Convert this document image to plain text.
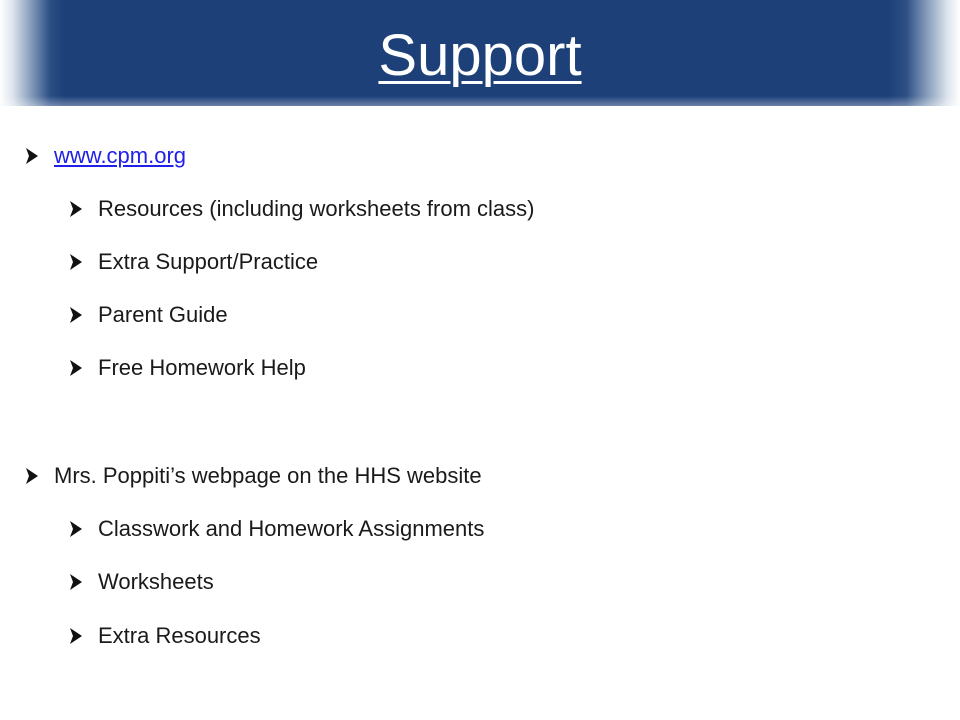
Support
www.cpm.org
Resources (including worksheets from class)
Extra Support/Practice
Parent Guide
Free Homework Help
Mrs. Poppiti’s webpage on the HHS website
Classwork and Homework Assignments
Worksheets
Extra Resources
